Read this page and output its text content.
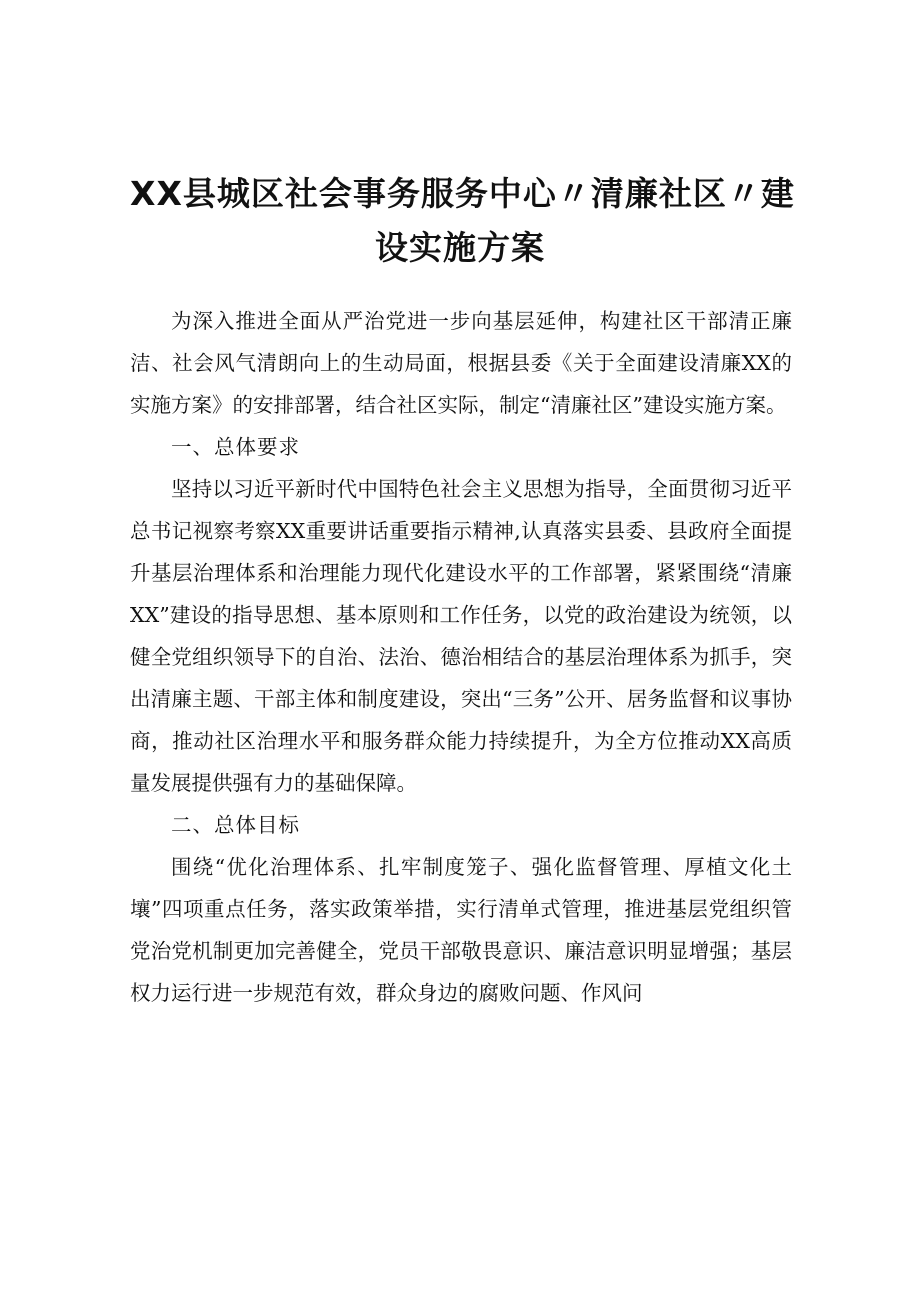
XX县城区社会事务服务中心〃清廉社区〃建
设实施方案

为深入推进全面从严治党进一步向基层延伸，构建社区干部清正廉洁、社会风气清朗向上的生动局面，根据县委《关于全面建设清廉XX的实施方案》的安排部署，结合社区实际，制定“清廉社区”建设实施方案。

一、总体要求

坚持以习近平新时代中国特色社会主义思想为指导，全面贯彻习近平总书记视察考察XX重要讲话重要指示精神,认真落实县委、县政府全面提升基层治理体系和治理能力现代化建设水平的工作部署，紧紧围绕“清廉XX”建设的指导思想、基本原则和工作任务，以党的政治建设为统领，以健全党组织领导下的自治、法治、德治相结合的基层治理体系为抓手，突出清廉主题、干部主体和制度建设，突出“三务”公开、居务监督和议事协商，推动社区治理水平和服务群众能力持续提升，为全方位推动XX高质量发展提供强有力的基础保障。

二、总体目标

围绕“优化治理体系、扎牢制度笼子、强化监督管理、厚植文化土壤”四项重点任务，落实政策举措，实行清单式管理，推进基层党组织管党治党机制更加完善健全，党员干部敬畏意识、廉洁意识明显增强；基层权力运行进一步规范有效，群众身边的腐败问题、作风问
